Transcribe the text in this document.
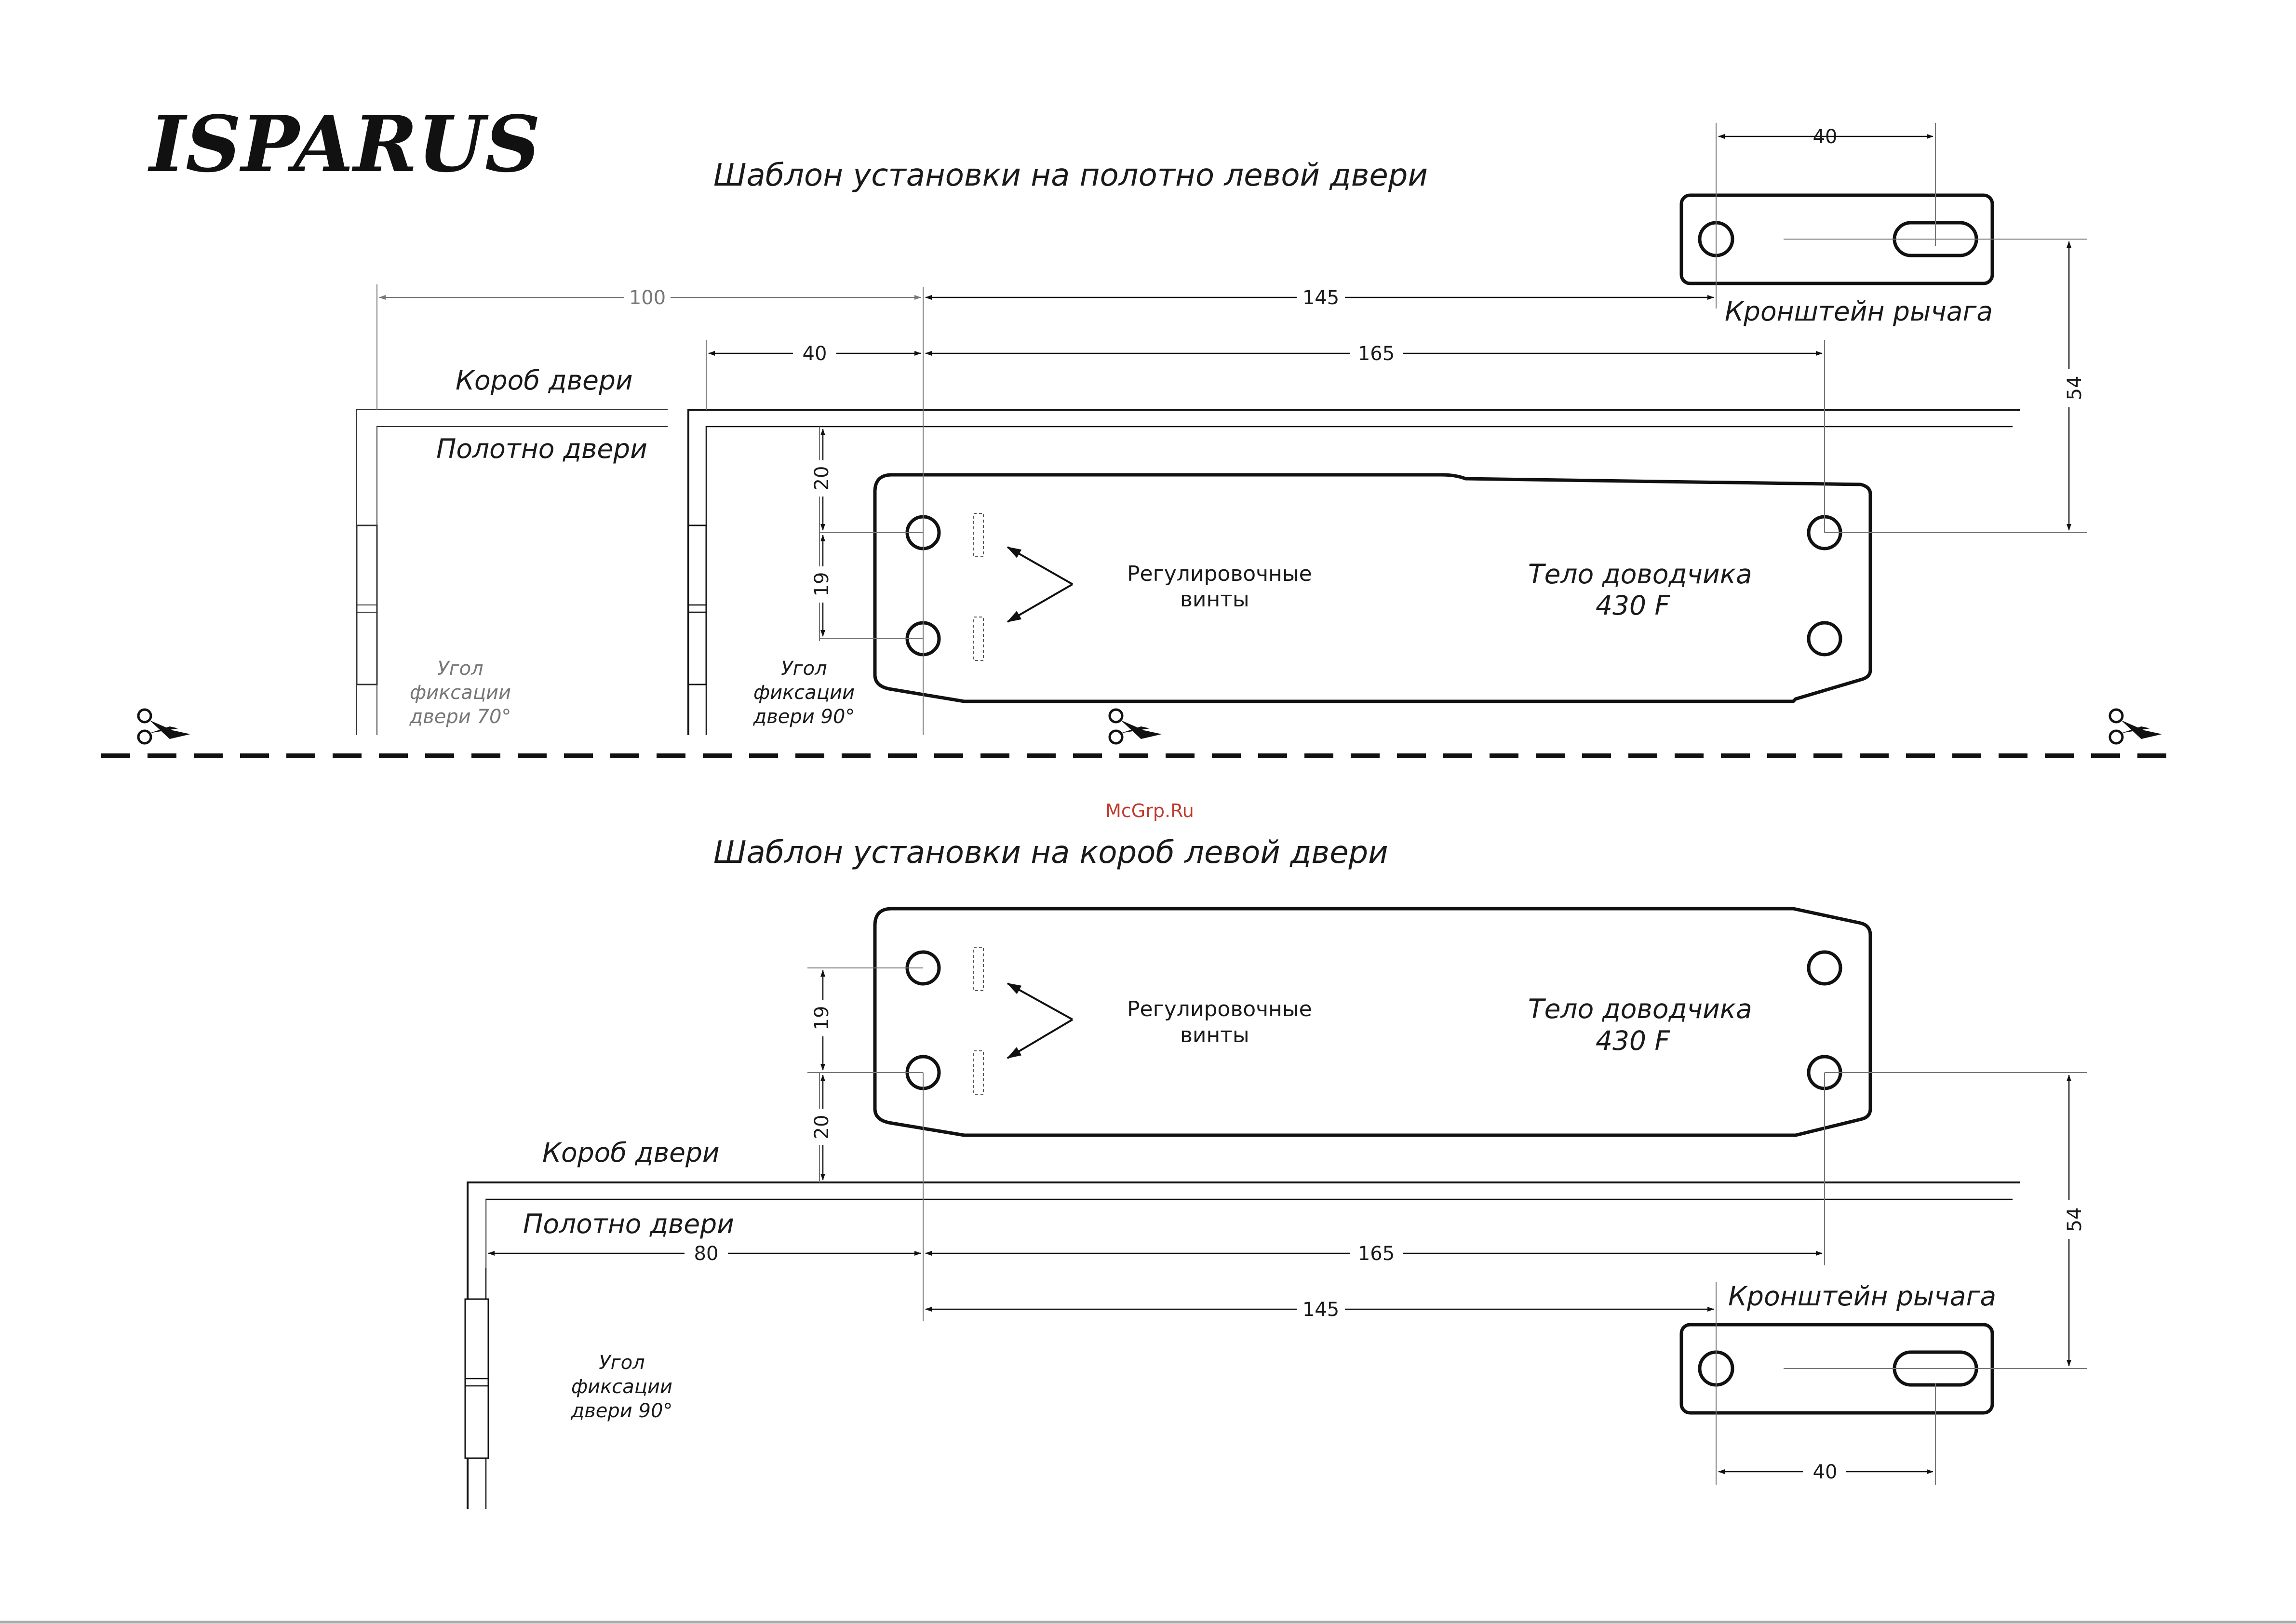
ISPARUS	Шаблон установки на полотно левой двери
Короб двери
Полотно двери
Регулировочные
винты
Тело доводчика
430 F
Кронштейн рычага
40
100	145
40	165
54
20
19
Угол
фиксации
двери 70°
Угол
фиксации
двери 90°
McGrp.Ru
Шаблон установки на короб левой двери
Регулировочные
винты
Тело доводчика
430 F
Короб двери
Полотно двери
Кронштейн рычага
19
20
80	165
145
54
40
Угол
фиксации
двери 90°
